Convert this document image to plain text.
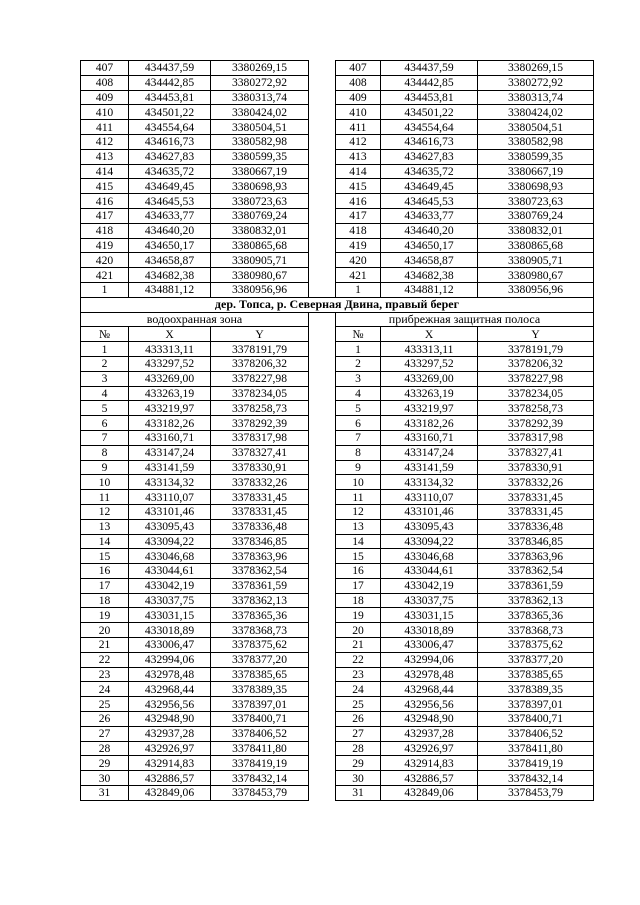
407	434437,59	3380269,15		407	434437,59	3380269,15
408	434442,85	3380272,92		408	434442,85	3380272,92
409	434453,81	3380313,74		409	434453,81	3380313,74
410	434501,22	3380424,02		410	434501,22	3380424,02
411	434554,64	3380504,51		411	434554,64	3380504,51
412	434616,73	3380582,98		412	434616,73	3380582,98
413	434627,83	3380599,35		413	434627,83	3380599,35
414	434635,72	3380667,19		414	434635,72	3380667,19
415	434649,45	3380698,93		415	434649,45	3380698,93
416	434645,53	3380723,63		416	434645,53	3380723,63
417	434633,77	3380769,24		417	434633,77	3380769,24
418	434640,20	3380832,01		418	434640,20	3380832,01
419	434650,17	3380865,68		419	434650,17	3380865,68
420	434658,87	3380905,71		420	434658,87	3380905,71
421	434682,38	3380980,67		421	434682,38	3380980,67
1	434881,12	3380956,96		1	434881,12	3380956,96
дер. Топса, р. Северная Двина, правый берег						
водоохранная зона				прибрежная защитная полоса		
№	X	Y		№	X	Y
1	433313,11	3378191,79		1	433313,11	3378191,79
2	433297,52	3378206,32		2	433297,52	3378206,32
3	433269,00	3378227,98		3	433269,00	3378227,98
4	433263,19	3378234,05		4	433263,19	3378234,05
5	433219,97	3378258,73		5	433219,97	3378258,73
6	433182,26	3378292,39		6	433182,26	3378292,39
7	433160,71	3378317,98		7	433160,71	3378317,98
8	433147,24	3378327,41		8	433147,24	3378327,41
9	433141,59	3378330,91		9	433141,59	3378330,91
10	433134,32	3378332,26		10	433134,32	3378332,26
11	433110,07	3378331,45		11	433110,07	3378331,45
12	433101,46	3378331,45		12	433101,46	3378331,45
13	433095,43	3378336,48		13	433095,43	3378336,48
14	433094,22	3378346,85		14	433094,22	3378346,85
15	433046,68	3378363,96		15	433046,68	3378363,96
16	433044,61	3378362,54		16	433044,61	3378362,54
17	433042,19	3378361,59		17	433042,19	3378361,59
18	433037,75	3378362,13		18	433037,75	3378362,13
19	433031,15	3378365,36		19	433031,15	3378365,36
20	433018,89	3378368,73		20	433018,89	3378368,73
21	433006,47	3378375,62		21	433006,47	3378375,62
22	432994,06	3378377,20		22	432994,06	3378377,20
23	432978,48	3378385,65		23	432978,48	3378385,65
24	432968,44	3378389,35		24	432968,44	3378389,35
25	432956,56	3378397,01		25	432956,56	3378397,01
26	432948,90	3378400,71		26	432948,90	3378400,71
27	432937,28	3378406,52		27	432937,28	3378406,52
28	432926,97	3378411,80		28	432926,97	3378411,80
29	432914,83	3378419,19		29	432914,83	3378419,19
30	432886,57	3378432,14		30	432886,57	3378432,14
31	432849,06	3378453,79		31	432849,06	3378453,79
